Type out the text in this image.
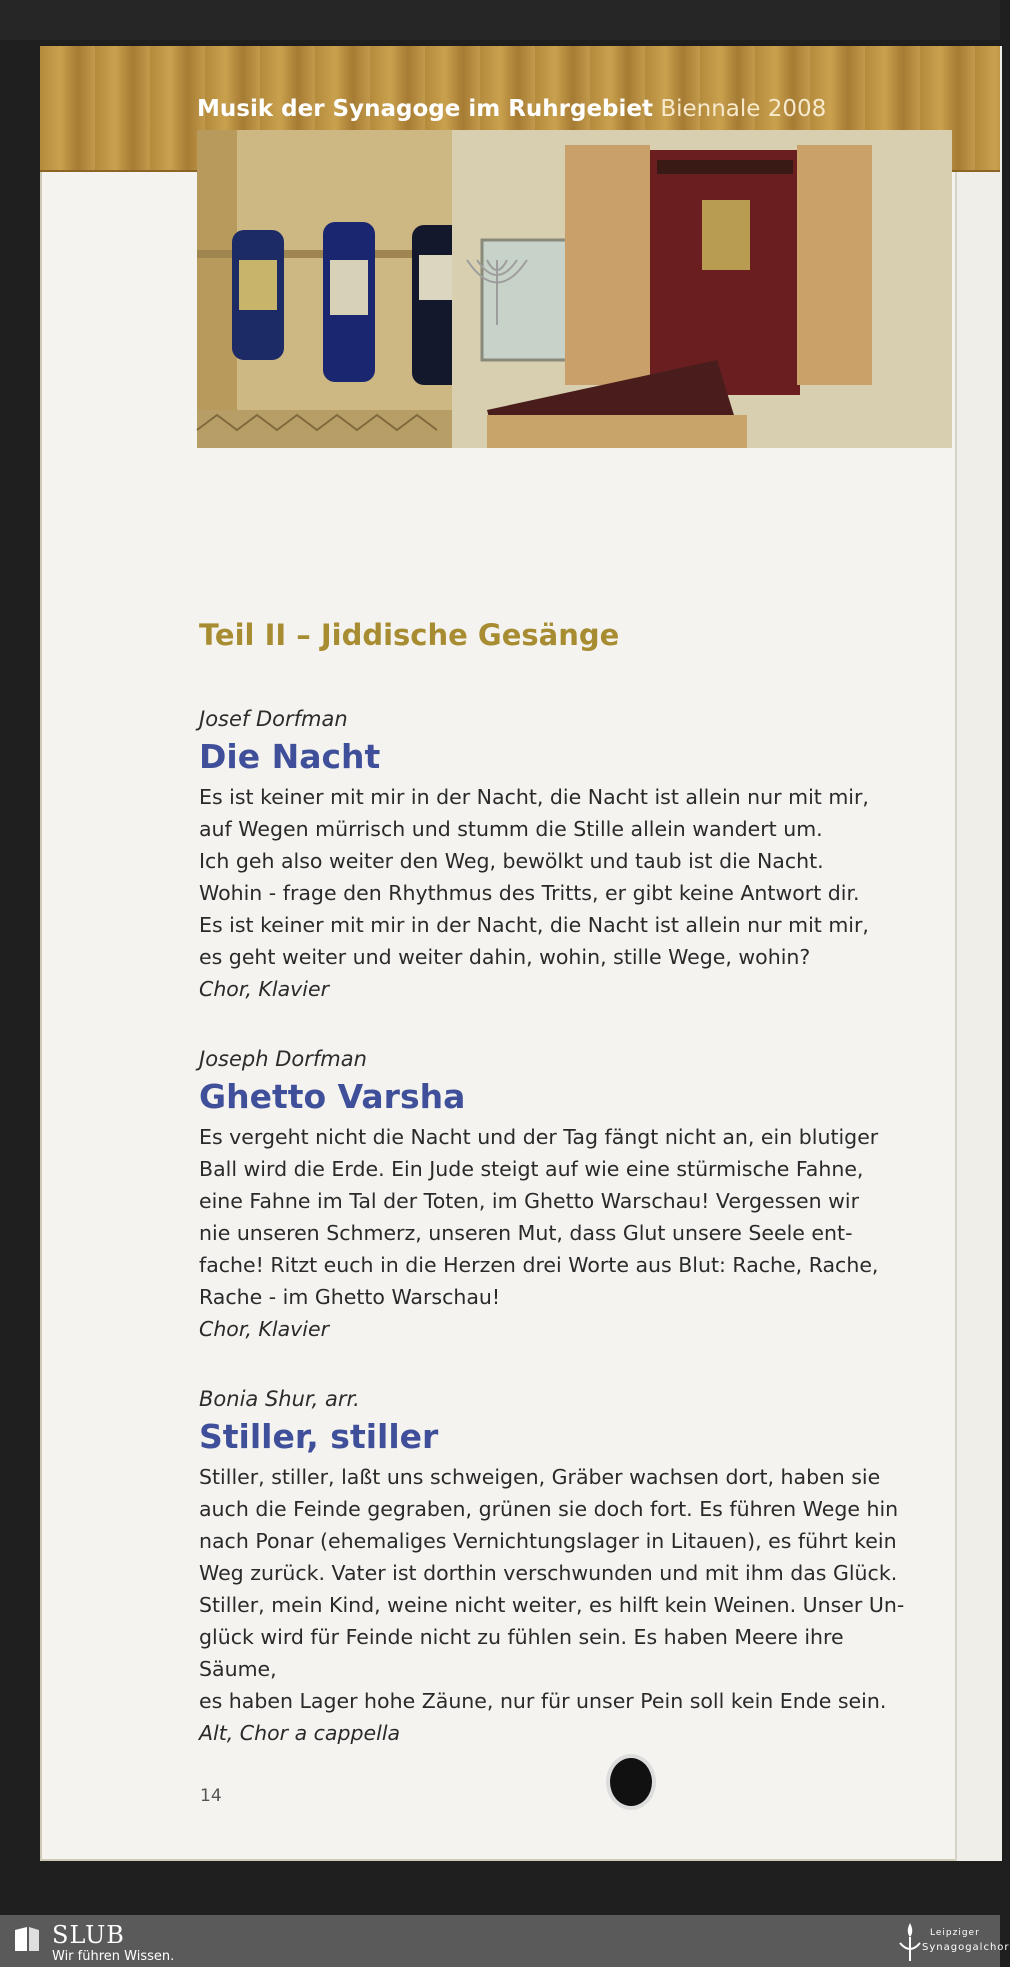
Musik der Synagoge im Ruhrgebiet Biennale 2008
Teil II – Jiddische Gesänge

Josef Dorfman

Die Nacht

Es ist keiner mit mir in der Nacht, die Nacht ist allein nur mit mir,

auf Wegen mürrisch und stumm die Stille allein wandert um.

Ich geh also weiter den Weg, bewölkt und taub ist die Nacht.

Wohin - frage den Rhythmus des Tritts, er gibt keine Antwort dir.

Es ist keiner mit mir in der Nacht, die Nacht ist allein nur mit mir,

es geht weiter und weiter dahin, wohin, stille Wege, wohin?

Chor, Klavier

Joseph Dorfman

Ghetto Varsha

Es vergeht nicht die Nacht und der Tag fängt nicht an, ein blutiger

Ball wird die Erde. Ein Jude steigt auf wie eine stürmische Fahne,

eine Fahne im Tal der Toten, im Ghetto Warschau! Vergessen wir

nie unseren Schmerz, unseren Mut, dass Glut unsere Seele ent-

fache! Ritzt euch in die Herzen drei Worte aus Blut: Rache, Rache,

Rache - im Ghetto Warschau!

Chor, Klavier

Bonia Shur, arr.

Stiller, stiller

Stiller, stiller, laßt uns schweigen, Gräber wachsen dort, haben sie

auch die Feinde gegraben, grünen sie doch fort. Es führen Wege hin

nach Ponar (ehemaliges Vernichtungslager in Litauen), es führt kein

Weg zurück. Vater ist dorthin verschwunden und mit ihm das Glück.

Stiller, mein Kind, weine nicht weiter, es hilft kein Weinen. Unser Un-

glück wird für Feinde nicht zu fühlen sein. Es haben Meere ihre Säume,

es haben Lager hohe Zäune, nur für unser Pein soll kein Ende sein.

Alt, Chor a cappella

14
SLUB
Wir führen Wissen.
Leipziger
Synagogalchor
